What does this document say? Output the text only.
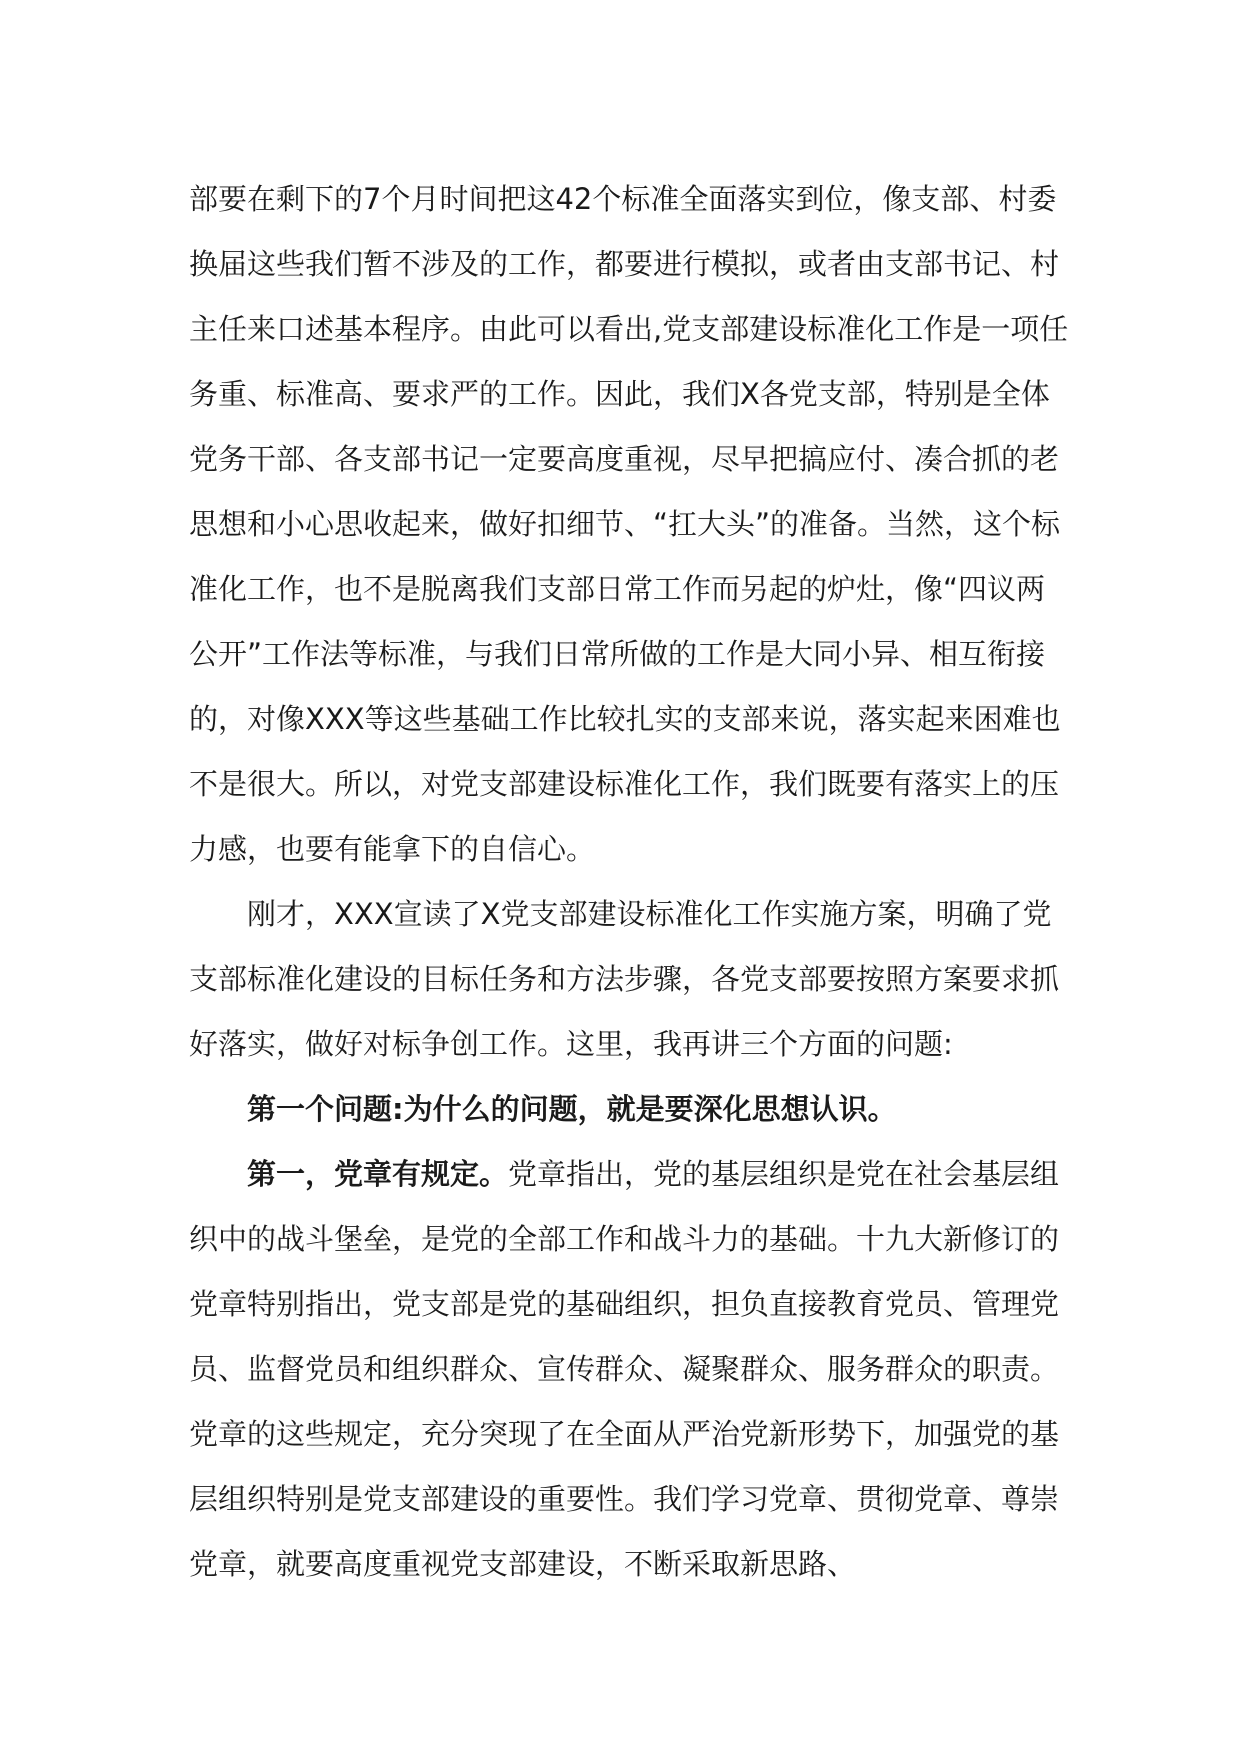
部要在剩下的7个月时间把这42个标准全面落实到位，像支部、村委换届这些我们暂不涉及的工作，都要进行模拟，或者由支部书记、村主任来口述基本程序。由此可以看出,党支部建设标准化工作是一项任务重、标准高、要求严的工作。因此，我们X各党支部，特别是全体党务干部、各支部书记一定要高度重视，尽早把搞应付、凑合抓的老思想和小心思收起来，做好扣细节、“扛大头”的准备。当然，这个标准化工作，也不是脱离我们支部日常工作而另起的炉灶，像“四议两公开”工作法等标准，与我们日常所做的工作是大同小异、相互衔接的，对像XXX等这些基础工作比较扎实的支部来说，落实起来困难也不是很大。所以，对党支部建设标准化工作，我们既要有落实上的压力感，也要有能拿下的自信心。

刚才，XXX宣读了X党支部建设标准化工作实施方案，明确了党支部标准化建设的目标任务和方法步骤，各党支部要按照方案要求抓好落实，做好对标争创工作。这里，我再讲三个方面的问题:

第一个问题:为什么的问题，就是要深化思想认识。

第一，党章有规定。党章指出，党的基层组织是党在社会基层组织中的战斗堡垒，是党的全部工作和战斗力的基础。十九大新修订的党章特别指出，党支部是党的基础组织，担负直接教育党员、管理党员、监督党员和组织群众、宣传群众、凝聚群众、服务群众的职责。党章的这些规定，充分突现了在全面从严治党新形势下，加强党的基层组织特别是党支部建设的重要性。我们学习党章、贯彻党章、尊崇党章，就要高度重视党支部建设，不断采取新思路、
